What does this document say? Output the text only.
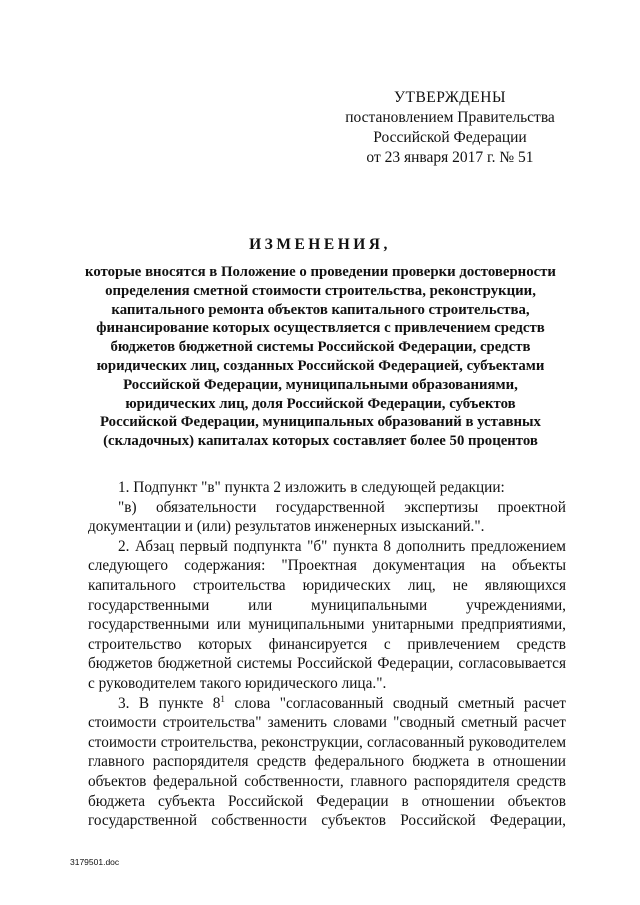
УТВЕРЖДЕНЫ
постановлением Правительства
Российской Федерации
от 23 января 2017 г. № 51
ИЗМЕНЕНИЯ,
которые вносятся в Положение о проведении проверки достоверности
определения сметной стоимости строительства, реконструкции,
капитального ремонта объектов капитального строительства,
финансирование которых осуществляется с привлечением средств
бюджетов бюджетной системы Российской Федерации, средств
юридических лиц, созданных Российской Федерацией, субъектами
Российской Федерации, муниципальными образованиями,
юридических лиц, доля Российской Федерации, субъектов
Российской Федерации, муниципальных образований в уставных
(складочных) капиталах которых составляет более 50 процентов

1. Подпункт "в" пункта 2 изложить в следующей редакции:

"в) обязательности государственной экспертизы проектной документации и (или) результатов инженерных изысканий.".

2. Абзац первый подпункта "б" пункта 8 дополнить предложением следующего содержания: "Проектная документация на объекты капитального строительства юридических лиц, не являющихся государственными или муниципальными учреждениями, государственными или муниципальными унитарными предприятиями, строительство которых финансируется с привлечением средств бюджетов бюджетной системы Российской Федерации, согласовывается с руководителем такого юридического лица.".

3. В пункте $8^1$ слова "согласованный сводный сметный расчет стоимости строительства" заменить словами "сводный сметный расчет стоимости строительства, реконструкции, согласованный руководителем главного распорядителя средств федерального бюджета в отношении объектов федеральной собственности, главного распорядителя средств бюджета субъекта Российской Федерации в отношении объектов государственной собственности субъектов Российской Федерации,

3179501.doc
